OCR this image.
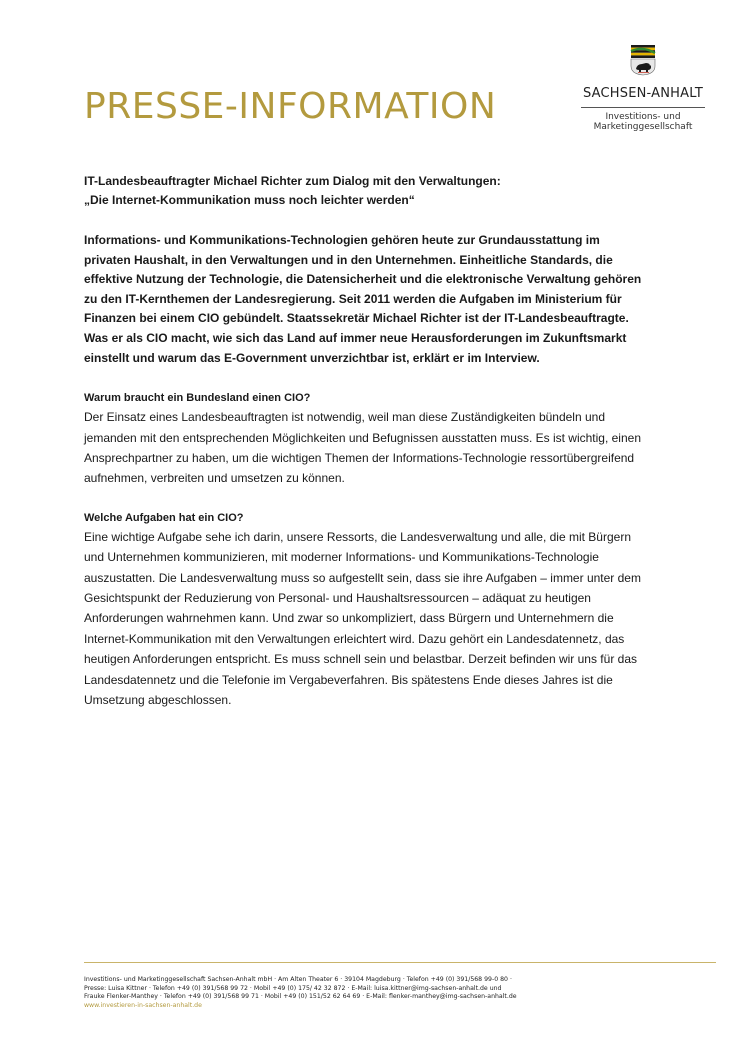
PRESSE-INFORMATION	SACHSEN-ANHALT
Investitions- und
Marketinggesellschaft

IT-Landesbeauftragter Michael Richter zum Dialog mit den Verwaltungen:
„Die Internet-Kommunikation muss noch leichter werden“

Informations- und Kommunikations-Technologien gehören heute zur Grundausstattung im privaten Haushalt, in den Verwaltungen und in den Unternehmen. Einheitliche Standards, die effektive Nutzung der Technologie, die Datensicherheit und die elektronische Verwaltung gehören zu den IT-Kernthemen der Landesregierung. Seit 2011 werden die Aufgaben im Ministerium für Finanzen bei einem CIO gebündelt. Staatssekretär Michael Richter ist der IT-Landesbeauftragte. Was er als CIO macht, wie sich das Land auf immer neue Herausforderungen im Zukunftsmarkt einstellt und warum das E-Government unverzichtbar ist, erklärt er im Interview.

Warum braucht ein Bundesland einen CIO?

Der Einsatz eines Landesbeauftragten ist notwendig, weil man diese Zuständigkeiten bündeln und jemanden mit den entsprechenden Möglichkeiten und Befugnissen ausstatten muss. Es ist wichtig, einen Ansprechpartner zu haben, um die wichtigen Themen der Informations-Technologie ressortübergreifend aufnehmen, verbreiten und umsetzen zu können.

Welche Aufgaben hat ein CIO?

Eine wichtige Aufgabe sehe ich darin, unsere Ressorts, die Landesverwaltung und alle, die mit Bürgern und Unternehmen kommunizieren, mit moderner Informations- und Kommunikations-Technologie auszustatten. Die Landesverwaltung muss so aufgestellt sein, dass sie ihre Aufgaben – immer unter dem Gesichtspunkt der Reduzierung von Personal- und Haushaltsressourcen – adäquat zu heutigen Anforderungen wahrnehmen kann. Und zwar so unkompliziert, dass Bürgern und Unternehmern die Internet-Kommunikation mit den Verwaltungen erleichtert wird. Dazu gehört ein Landesdatennetz, das heutigen Anforderungen entspricht. Es muss schnell sein und belastbar. Derzeit befinden wir uns für das Landesdatennetz und die Telefonie im Vergabeverfahren. Bis spätestens Ende dieses Jahres ist die Umsetzung abgeschlossen.

Investitions- und Marketinggesellschaft Sachsen-Anhalt mbH · Am Alten Theater 6 · 39104 Magdeburg · Telefon +49 (0) 391/568 99-0 80 ·
Presse: Luisa Kittner · Telefon +49 (0) 391/568 99 72 · Mobil +49 (0) 175/ 42 32 872 · E-Mail: luisa.kittner@img-sachsen-anhalt.de und
Frauke Flenker-Manthey · Telefon +49 (0) 391/568 99 71 · Mobil +49 (0) 151/52 62 64 69 · E-Mail: flenker-manthey@img-sachsen-anhalt.de
www.investieren-in-sachsen-anhalt.de
